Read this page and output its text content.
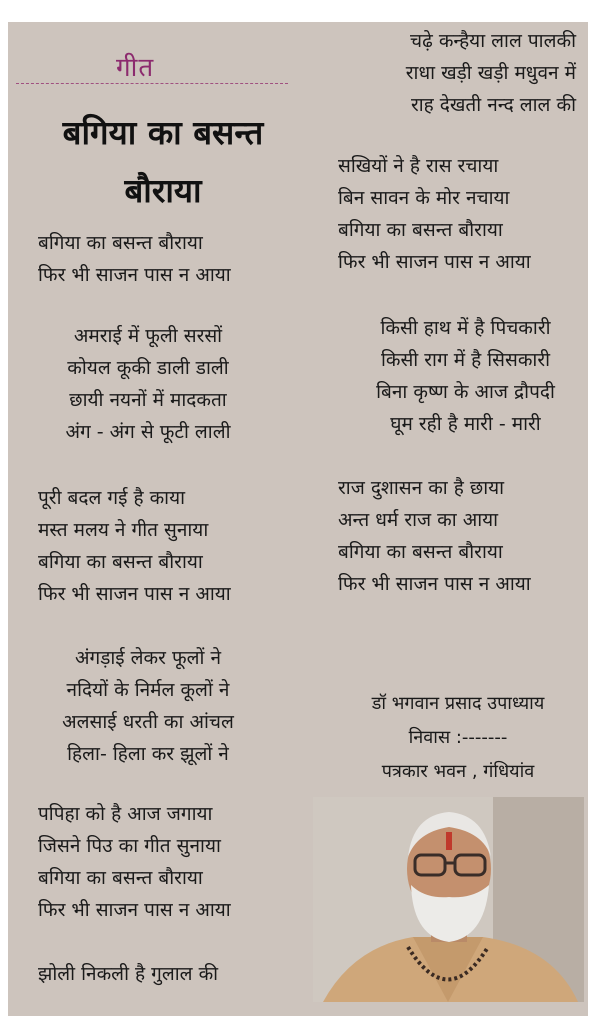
गीत
बगिया का बसन्त
बौराया
बगिया का बसन्त बौराया
फिर भी साजन पास न आया
अमराई में फूली सरसों
कोयल कूकी डाली डाली
छायी नयनों में मादकता
अंग - अंग से फूटी लाली
पूरी बदल गई है काया
मस्त मलय ने गीत सुनाया
बगिया का बसन्त बौराया
फिर भी साजन पास न आया
अंगड़ाई लेकर फूलों ने
नदियों के निर्मल कूलों ने
अलसाई धरती का आंचल
हिला- हिला कर झूलों ने
पपिहा को है आज जगाया
जिसने पिउ का गीत सुनाया
बगिया का बसन्त बौराया
फिर भी साजन पास न आया
झोली निकली है गुलाल की
चढ़े कन्हैया लाल पालकी
राधा खड़ी खड़ी मधुवन में
राह देखती नन्द लाल की
सखियों ने है रास रचाया
बिन सावन के मोर नचाया
बगिया का बसन्त बौराया
फिर भी साजन पास न आया
किसी हाथ में है पिचकारी
किसी राग में है सिसकारी
बिना कृष्ण के आज द्रौपदी
घूम रही है मारी - मारी
राज दुशासन का है छाया
अन्त धर्म राज का आया
बगिया का बसन्त बौराया
फिर भी साजन पास न आया
डॉ भगवान प्रसाद उपाध्याय
निवास :-------
पत्रकार भवन , गंधियांव
